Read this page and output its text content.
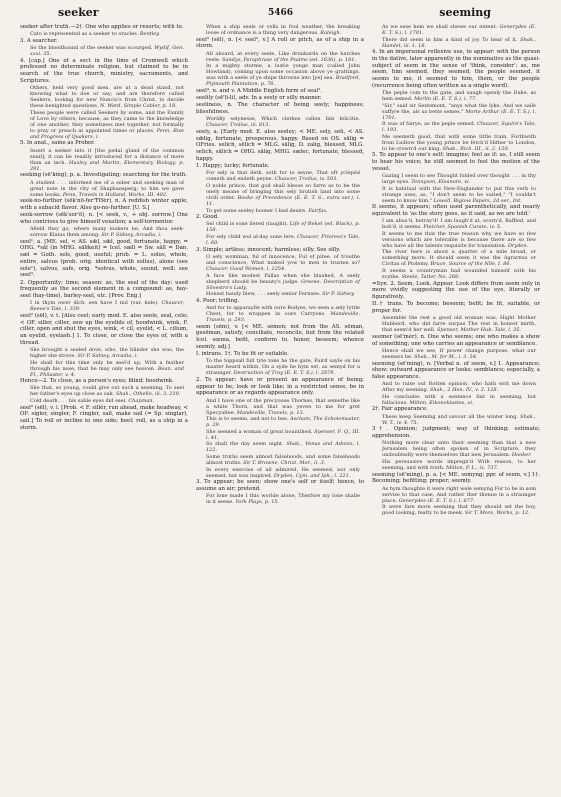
seeker	5466	seeming

seeker after truth.—2†. One who applies or resorts; with to.

Cato is represented as a seeker to oracles. Bentley.

3. A searcher.

So the bloodhound of the seeker was scourged. Wydif, Gen. xxxi. 35.

4. [cap.] One of a sect in the time of Cromwell which professed no determinate religion, but claimed to be in search of the true church, ministry, sacraments, and Scriptures.

Others, held very good men, are at a dead stand, not knowing what to doe or say; and are therefore called Seekers, looking for new Nuncio's from Christ, to decide these benighted questions. N. Ward, Simple Cobler, p. 18.

These people were called Seekers by some, and the Family of Love by others; because, as they came to the knowledge of one another, they sometimes met together, not formally to pray or preach at appointed times or places. Penn, Rise and Progress of Quakers, i.

5. In anat., same as Prober.

Insert a seeker into it [the pedal gland of the common snail]; it can be readily introduced for a distance of more than an inch. Huxley and Martin, Elementary Biology, p. 291.

seeking (sē'king), p. a. Investigating; searching for the truth.

A student . . . informed me of a sober and seeking man of great note in the city of Shaphaeaperg; to him we gave some books. Penn, Travels in Holland, Works, III. 402.

seek-no-further (sēk'nō-fer'ŦHėr), n. A reddish winter apple, with a subacid flavor. Also go-no-further. [U. S.]

seek-sorrow (sēk'sor'ō), n. [< seek, v., + obj. sorrow.] One who contrives to give himself vexation; a self-tormentor.

Afield they go, where many lookers be, And thou seek-sorrow Klaius them among. Sir P. Sidney, Arcadia, i.

seel¹, a. [ME. sel, < AS. sǣl, sǣl, good, fortunate, happy, = OHG. *sāl (in MHG. sälikeit) = Icel. sæll = Sw. säll = Dan. sæl = Goth. sels, good, useful; prob. = L. solus, whole, entire, salvus (prob. orig. identical with sollus), alone (see sole¹), salvus, safe, orig. *solvus, whole, sound, well; see seel³.

2. Opportunity; time; season: as, the seel of the day: used frequently as the second element in a compound: as, hay-seel (hay-time), barley-seel, etc. [Prov. Eng.]

I in thym ower dich, sen have I nul (var. kele). Chaucer, Reeve's Tale, l. 339.

seel² (sēl), v. t. [Also ceel; early mod. E. also seele, seal, cele; < OF. siller, ciller, sew up the eyelids of, hoodwink, wink, F. ciller, open and shut the eyes, wink, < cil, eyelid, < L. cilium, an eyelid, eyelash.] 1. To close, or close the eyes of, with a thread.

She brought a seeled dove, who, the blinder she was, the higher she strove. Sir P. Sidney, Arcadia, i.

He shall for this time only be seel'd up, With a feather through his nose, that he may only see heaven. Bean. and Fl., Philaster, v. 4.

Hence—2. To close, as a person's eyes; blind; hoodwink.

She that, so young, could give out such a seeming, To seel her father's eyes up close as oak. Shak., Othello, iii. 3. 210.

Cold death . . . his sable eyes did seel. Chapman.

seel³ (sēl), v. i. [Prob. < F. sillér, run ahead, make headway, < OF. sigler, singler, F. cingler, sail, make sail (= Sp. singlar), sail.] To roll or incline to one side; heel; roll, as a ship in a storm.

When a ship seels or rolls in foul weather, the breaking loose of ordnance is a thing very dangerous. Raleigh.

seel³ (sēl), n. [< seel³, v.] A roll or pitch, as of a ship in a storm.

All aboard, at every seele, Like drunkards on the hatches reele. Sandys, Paraphrase of the Psalms (ed. 1636), p. 181.

In a mighty storme, a lustie yonge man (called John Howland), coming upon some occasion above ye grattings, was with a seele of ye shipe throwne into [ye] sea. Bradford, Plymouth Plantation, p. 76.

seel⁴, n. and v. A Middle English form of seal¹.

seelily (sē'li-li), adv. In a seely or silly manner.

seeliness, n. The character of being seely; happiness; blissfulness.

Worldly selynesse, Which clerkes callen fals felicitie. Chaucer, Troilus, iii. 813.

seely, a. [Early mod. E. also seeley; < ME. sely, seli, < AS. sǣlig, fortunate, prosperous, happy. Based on OS. sālig = OFries. selich, sēlich = MLG. sālig, D. zalig, blessed, MLG. selich, sālich = OHG. sālig, MHG. sælec, fortunate, blessed, happy.

1. Happy; lucky; fortunate.

For sely is that deth, soth for to seyne, That oft yclepéd cometh and endeth peyne. Chaucer, Troilus, iv. 503.

O noble prince, that god shall blesse so farre as to be the onely meane of bringing this sely brutish land into some civill order. Booke of Precedence (E. E. T. S., extra ser.), i. 11.

To get some seeley booner I had desire. Fairfax.

2. Good.

Sel child is sone ilered (taught). Life of Beket (ed. Black), p. 158.

For sely child wol al-day sone lere. Chaucer, Prioress's Tale, l. 60.

3. Simple; artless; innocent; harmless; silly. See silly.

O sely womman, ful of innocence, Ful of pitee, of trouthe and conscience, What maked yow to men to trusten so? Chaucer, Good Women, l. 1254.

A face like modest Pallas when she blushed, A seely shepherd should be beauty's judge. Greene, Description of Silvestro's Lady.

Honest baudy blew, . . . seely senior Fernsee. Sir P. Sidney.

4. Poor; trifling.

And for to apparaylle with oure Bodyes, we seen a sely lyttle Chest, for to wrappen in oure Carryons. Mandeville, Travels, p. 293.

seem (sēm), v. [< ME. semen; not from the AS. sēman, gesēman, satisfy, conciliate, reconcile, but from the related Icel. sœma, befit, conform to, honor, beseem; whence seemly, adj.]

I. intrans. 1†. To be fit or suitable.

To the toppsall full tyte toke he the gate, Faird sayle on his master heard within, On a syde he hym set, as semyd for a straunger. Destruction of Troy (E. E. T. S.), l. 2879.

2. To appear; have or present an appearance of being; appear to be; look or look like; in a restricted sense, be in appearance or as regards appearance only.

And I have one of the precyouse Thornes, that semethe like a white Thorn, and that was yeven to me for gret Specyaltee. Mandeville, Travels, p. 13.

This is to seeme, and not to bee. Ascham, The Scholemaster, p. 29.

She seemed a woman of great bountihed. Spenser, F. Q., III. i. 41.

So shall the day seem night. Shak., Venus and Adonis, l. 122.

Some truths seem almost falsehoods, and some falsehoods almost truths. Sir T. Browne, Christ. Mor., ii. 3.

In every exercise of all admired, He seemed, nor only seemed, but was inspired. Dryden, Cym. and Iph., l. 221.

3. To appear; be seen; show one's self or itself; hence, to assume an air; pretend.

For lone made I this worlde alone, Therfore my lone shalle in it seene. York Plays, p. 15.

As we sese hem we shall shewe our entent. Generydes (E. E. T. S.), l. 1701.

There did seem in him a kind of joy To hear of it. Shak., Hamlet, iii. 1. 18.

4. In an impersonal reflexive use, to appear: with the person in the dative, later apparently in the nominative as the quasi-subject of seem in the sense of 'think, consider': as, me seem, him seemed, they seemed, the people seemed, it seems to me, it seemed to him, them, or the people (recurrence being often written as a single word).

The peple com to the gate, and saugh openly the Duke, as hem semed. Merlin (E. E. T. S.), i. 77.

"Sir," said sir Sextemont, "anys what the lyke, And we salle suffyre the, als us bette semes." Morte Arthur (E. E. T. S.), l. 1701.

It was of fairye, as the peple semed. Chaucer, Squire's Tale, l. 193.

Me seemeth good, that with some little train, Forthwith from Ludlow the young prince be fetch'd Hither to London, to be crown'd our king. Shak., Rich. III., ii. 2. 120.

5. To appear to one's self; imagine; feel as if: as, I still seem to hear his voice; he still seemed to feel the motion of the vessel.

Gazing I seem to see Thought folded over thought . . . in thy large eyes. Tennyson, Eleanore, vi.

It is habitual with the New-Englander to put this verb to strange uses, as, "I don't seem to be suited," "I couldn't seem to know him." Lowell, Biglow Papers, 2d ser., Int.

It seems, it appears; often used parenthetically, and nearly equivalent to 'as the story goes, as it said, as we are told.'

I am abus'd, betray'd! I am laugh'd at, scorn'd, Baffled, and bob'd, it seems. Fletcher, Spanish Curate, iv. 5.

It seems to me that the true reason why we have so few versions which are tolerable is because there are so few who have all the talents requisite for translation. Dryden.

The river here is about a quarter of a mile broad, or something more. It should seem it was the Agrarnus or Civitas of Ptolemy. Bruce, Source of the Nile, I. 86.

It seems a countryman had wounded himself with his scythe. Steele, Tatler, No. 268.

=Syn. 2. Seem, Look, Appear. Look differs from seem only in more vividly suggesting the use of the eye, literally or figuratively.

II.† trans. To become; beseem; befit; be fit, suitable, or proper for.

Assemble the rest a good old woman was, Hight Mother Hubberd, who did farre surpas The rest in honest mirth, that seem'd her well. Spenser, Mother Hub. Tale, l. 35.

seemer (sē'mėr), n. One who seems; one who makes a show of something; one who carries an appearance or semblance.

Hence shall we see, If power change purpose, what our seemers be. Shak., M. for M., i. 3. 54.

seeming (sē'ming), n. [Verbal n. of seem, v.] 1. Appearance; show; outward appearance or looks; semblance; especially, a false appearance.

And to raise out Rotten opinion, who hath writ me down After my seeming. Shak., 2 Hen. IV., v. 2. 128.

He concludes with a sentence fair in seeming, but fallacious. Milton, Eikonoklastes, vi.

2†. Fair appearance.

These keep Seeming and savour all the winter long. Shak., W. T., iv. 4. 75.

3†. Opinion; judgment; way of thinking; estimate; apprehension.

Nothing more clear unto their seeming than that a new Jerusalem being often spoken of in Scripture, they undoubtedly were themselves that new Jerusalem. Hooker.

His persuasive words impregn'd With reason, to her seeming, and with truth. Milton, P. L., ix. 737.

seeming (sē'ming), p. a. [< ME. semyng; ppr. of seem, v.] 1†. Becoming; befitting; proper; seemly.

As hym thoughte it were right wele semyng For to be in som servise to that case, And rather ther thenne in a straunger place. Generydes (E. E. T. S.), l. 677.

It were fare more seeming that they should set the boy, good looking, fealty to be meek. Sir T. More, Works, p. 12.
